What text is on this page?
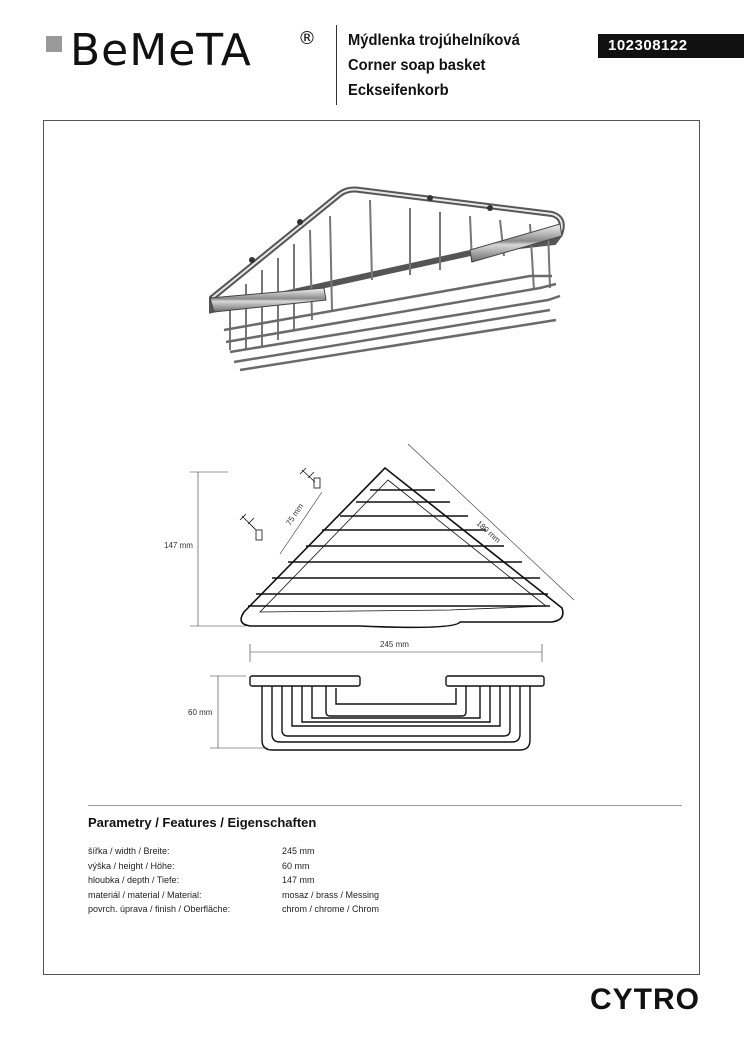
BeMeTA	® Mýdlenka trojúhelníková
Corner soap basket
Eckseifenkorb
102308122
147 mm
180 mm
75 mm
245 mm
60 mm
Parametry / Features / Eigenschaften
šířka / width / Breite:	245 mm
výška / height / Höhe:	60 mm
hloubka / depth / Tiefe:	147 mm
materiál / material / Material:	mosaz / brass / Messing
povrch. úprava / finish / Oberfläche:	chrom / chrome / Chrom
CYTRO
